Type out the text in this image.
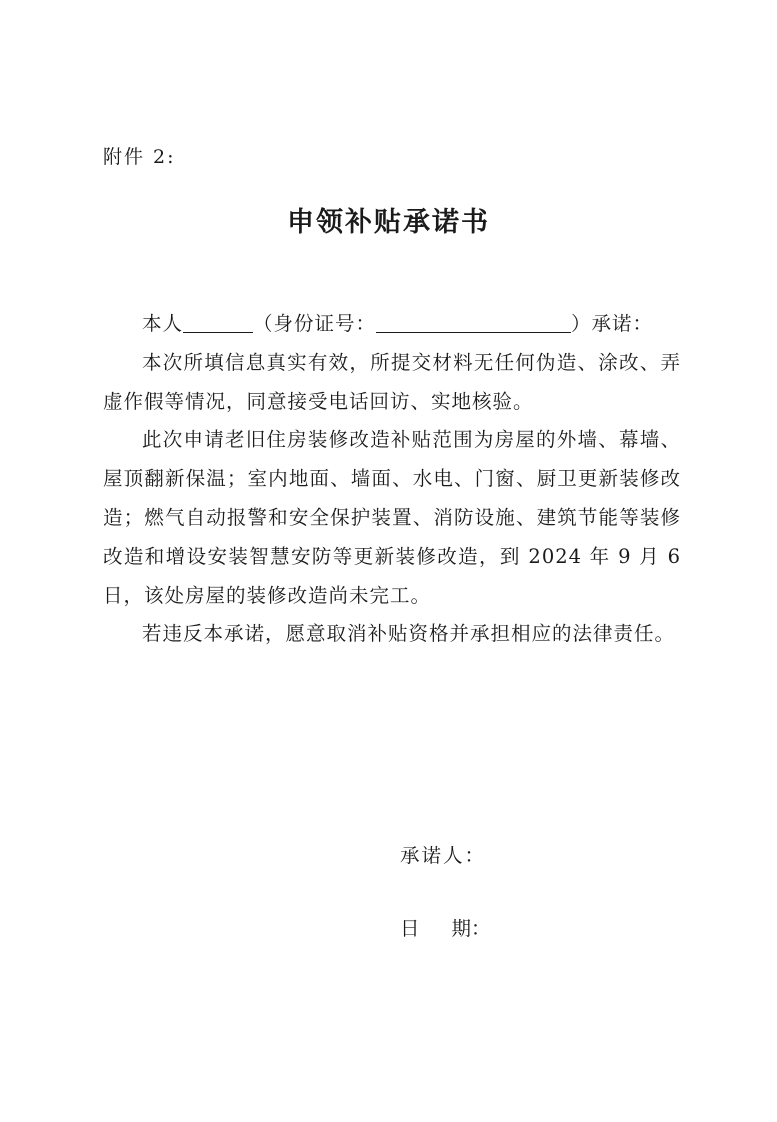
附件 2:
申领补贴承诺书

本人	（身份证号：	）承诺：

本次所填信息真实有效，所提交材料无任何伪造、涂改、弄虚作假等情况，同意接受电话回访、实地核验。

此次申请老旧住房装修改造补贴范围为房屋的外墙、幕墙、屋顶翻新保温；室内地面、墙面、水电、门窗、厨卫更新装修改造；燃气自动报警和安全保护装置、消防设施、建筑节能等装修改造和增设安装智慧安防等更新装修改造，到 2024 年 9 月 6 日，该处房屋的装修改造尚未完工。

若违反本承诺，愿意取消补贴资格并承担相应的法律责任。

承诺人：
日 期：
